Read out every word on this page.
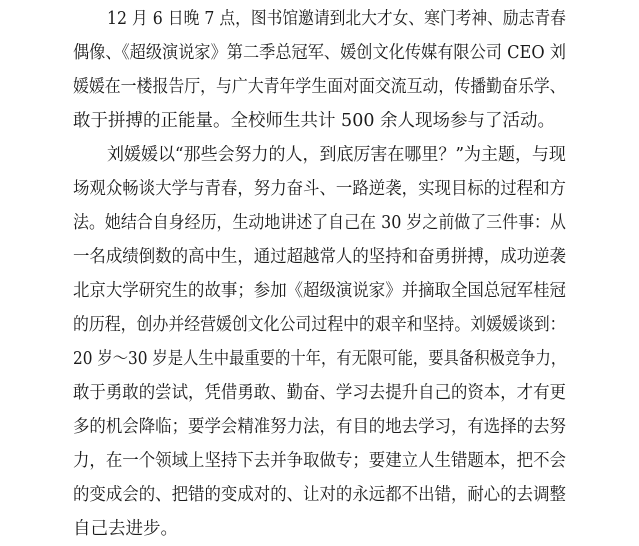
12 月 6 日晚 7 点，图书馆邀请到北大才女、寒门考神、励志青春
偶像、《超级演说家》第二季总冠军、媛创文化传媒有限公司 CEO 刘
媛媛在一楼报告厅，与广大青年学生面对面交流互动，传播勤奋乐学、
敢于拼搏的正能量。全校师生共计 500 余人现场参与了活动。
刘媛媛以“那些会努力的人，到底厉害在哪里？”为主题，与现
场观众畅谈大学与青春，努力奋斗、一路逆袭，实现目标的过程和方
法。她结合自身经历，生动地讲述了自己在 30 岁之前做了三件事：从
一名成绩倒数的高中生，通过超越常人的坚持和奋勇拼搏，成功逆袭
北京大学研究生的故事；参加《超级演说家》并摘取全国总冠军桂冠
的历程，创办并经营媛创文化公司过程中的艰辛和坚持。刘媛媛谈到：
20 岁～30 岁是人生中最重要的十年，有无限可能，要具备积极竞争力，
敢于勇敢的尝试，凭借勇敢、勤奋、学习去提升自己的资本，才有更
多的机会降临；要学会精准努力法，有目的地去学习，有选择的去努
力，在一个领域上坚持下去并争取做专；要建立人生错题本，把不会
的变成会的、把错的变成对的、让对的永远都不出错，耐心的去调整
自己去进步。
